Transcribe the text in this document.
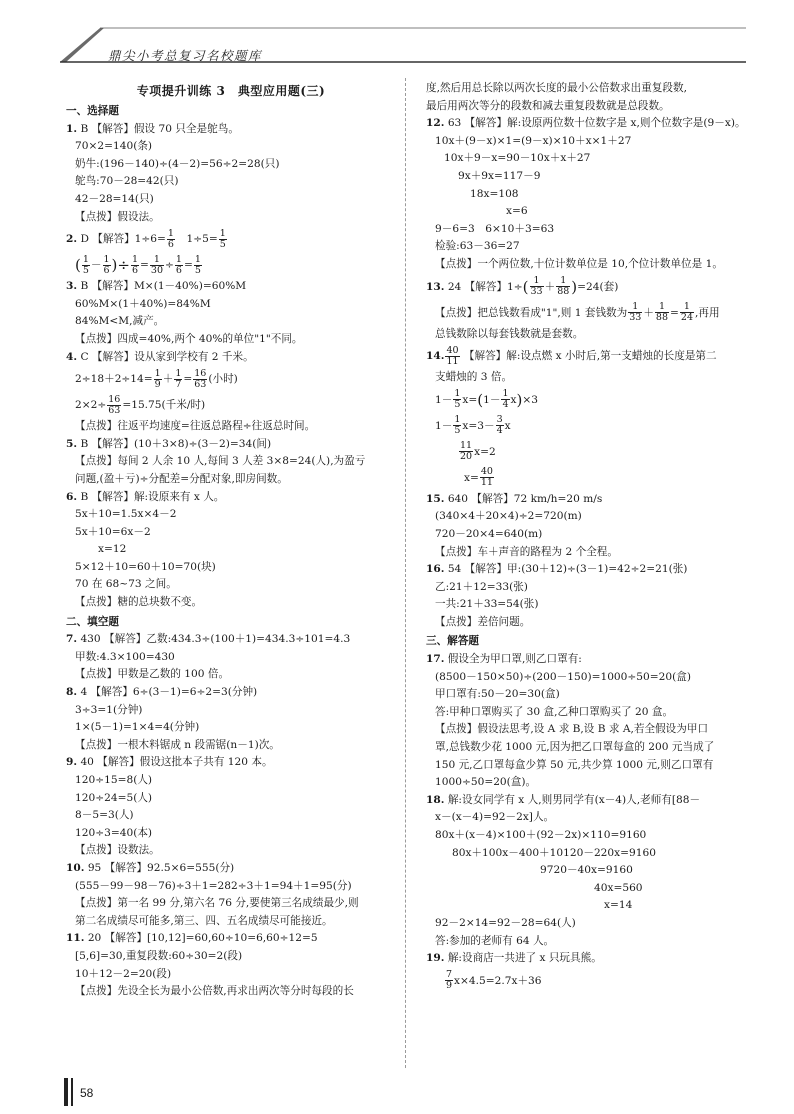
鼎尖小考总复习名校题库
专项提升训练 3　典型应用题(三)
一、选择题
1. B 【解答】假设 70 只全是鸵鸟。
70×2=140(条)
奶牛:(196－140)÷(4－2)=56÷2=28(只)
鸵鸟:70－28=42(只)
42－28=14(只)
【点拨】假设法。
2. D 【解答】$1\div 6= \frac{1}{6}$ 　$1\div 5= \frac{1}{5}$
( $\frac{1}{5} - \frac{1}{6}$ )÷ $\frac{1}{6} = \frac{1}{30} \div \frac{1}{6} = \frac{1}{5}$
3. B 【解答】M×(1－40%)=60%M
60%M×(1＋40%)=84%M
84%M<M,减产。
【点拨】四成=40%,两个 40%的单位"1"不同。
4. C 【解答】设从家到学校有 2 千米。
$2\div 18+2\div 14= \frac{1}{9} + \frac{1}{7} = \frac{16}{63}$ (小时)
$2\times 2\div \frac{16}{63} =15.75$(千米/时)
【点拨】往返平均速度=往返总路程÷往返总时间。
5. B 【解答】(10＋3×8)÷(3－2)=34(间)
【点拨】每间 2 人余 10 人,每间 3 人差 3×8=24(人),为盈亏
问题,(盈＋亏)÷分配差=分配对象,即房间数。
6. B 【解答】解:设原来有 x 人。
5x＋10=1.5x×4－2
5x＋10=6x－2
x=12
5×12＋10=60＋10=70(块)
70 在 68~73 之间。
【点拨】糖的总块数不变。
二、填空题
7. 430 【解答】乙数:434.3÷(100＋1)=434.3÷101=4.3
甲数:4.3×100=430
【点拨】甲数是乙数的 100 倍。
8. 4 【解答】6÷(3－1)=6÷2=3(分钟)
3÷3=1(分钟)
1×(5－1)=1×4=4(分钟)
【点拨】一根木料锯成 n 段需锯(n－1)次。
9. 40 【解答】假设这批本子共有 120 本。
120÷15=8(人)
120÷24=5(人)
8－5=3(人)
120÷3=40(本)
【点拨】设数法。
10. 95 【解答】92.5×6=555(分)
(555－99－98－76)÷3＋1=282÷3＋1=94＋1=95(分)
【点拨】第一名 99 分,第六名 76 分,要使第三名成绩最少,则
第二名成绩尽可能多,第三、四、五名成绩尽可能接近。
11. 20 【解答】[10,12]=60,60÷10=6,60÷12=5
[5,6]=30,重复段数:60÷30=2(段)
10＋12－2=20(段)
【点拨】先设全长为最小公倍数,再求出两次等分时每段的长
度,然后用总长除以两次长度的最小公倍数求出重复段数,
最后用两次等分的段数和减去重复段数就是总段数。
12. 63 【解答】解:设原两位数十位数字是 x,则个位数字是(9－x)。
10x＋(9－x)×1=(9－x)×10＋x×1＋27
10x＋9－x=90－10x＋x＋27
9x＋9x=117－9
18x=108
x=6
9－6=3　6×10＋3=63
检验:63－36=27
【点拨】一个两位数,十位计数单位是 10,个位计数单位是 1。
13. 24 【解答】$1\div( \frac{1}{33} + \frac{1}{88} )=24$(套)
【点拨】把总钱数看成"1",则 1 套钱数为 $\frac{1}{33} + \frac{1}{88} = \frac{1}{24}$ ,再用
总钱数除以每套钱数就是套数。
14. $\frac{40}{11}$ 【解答】解:设点燃 x 小时后,第一支蜡烛的长度是第二
支蜡烛的 3 倍。
$1- \frac{1}{5} x=(1- \frac{1}{4} x)\times 3$
$1- \frac{1}{5} x=3- \frac{3}{4}$ x
$\frac{11}{20} x=2$
$x= \frac{40}{11}$
15. 640 【解答】72 km/h=20 m/s
(340×4＋20×4)÷2=720(m)
720－20×4=640(m)
【点拨】车＋声音的路程为 2 个全程。
16. 54 【解答】甲:(30＋12)÷(3－1)=42÷2=21(张)
乙:21＋12=33(张)
一共:21＋33=54(张)
【点拨】差倍问题。
三、解答题
17. 假设全为甲口罩,则乙口罩有:
(8500－150×50)÷(200－150)=1000÷50=20(盒)
甲口罩有:50－20=30(盒)
答:甲种口罩购买了 30 盒,乙种口罩购买了 20 盒。
【点拨】假设法思考,设 A 求 B,设 B 求 A,若全假设为甲口
罩,总钱数少花 1000 元,因为把乙口罩每盒的 200 元当成了
150 元,乙口罩每盒少算 50 元,共少算 1000 元,则乙口罩有
1000÷50=20(盒)。
18. 解:设女同学有 x 人,则男同学有(x－4)人,老师有[88－
x－(x－4)=92－2x]人。
80x＋(x－4)×100＋(92－2x)×110=9160
80x＋100x－400＋10120－220x=9160
9720－40x=9160
40x=560
x=14
92－2×14=92－28=64(人)
答:参加的老师有 64 人。
19. 解:设商店一共进了 x 只玩具熊。
$\frac{7}{9} x\times 4.5=2.7x+36$
58
